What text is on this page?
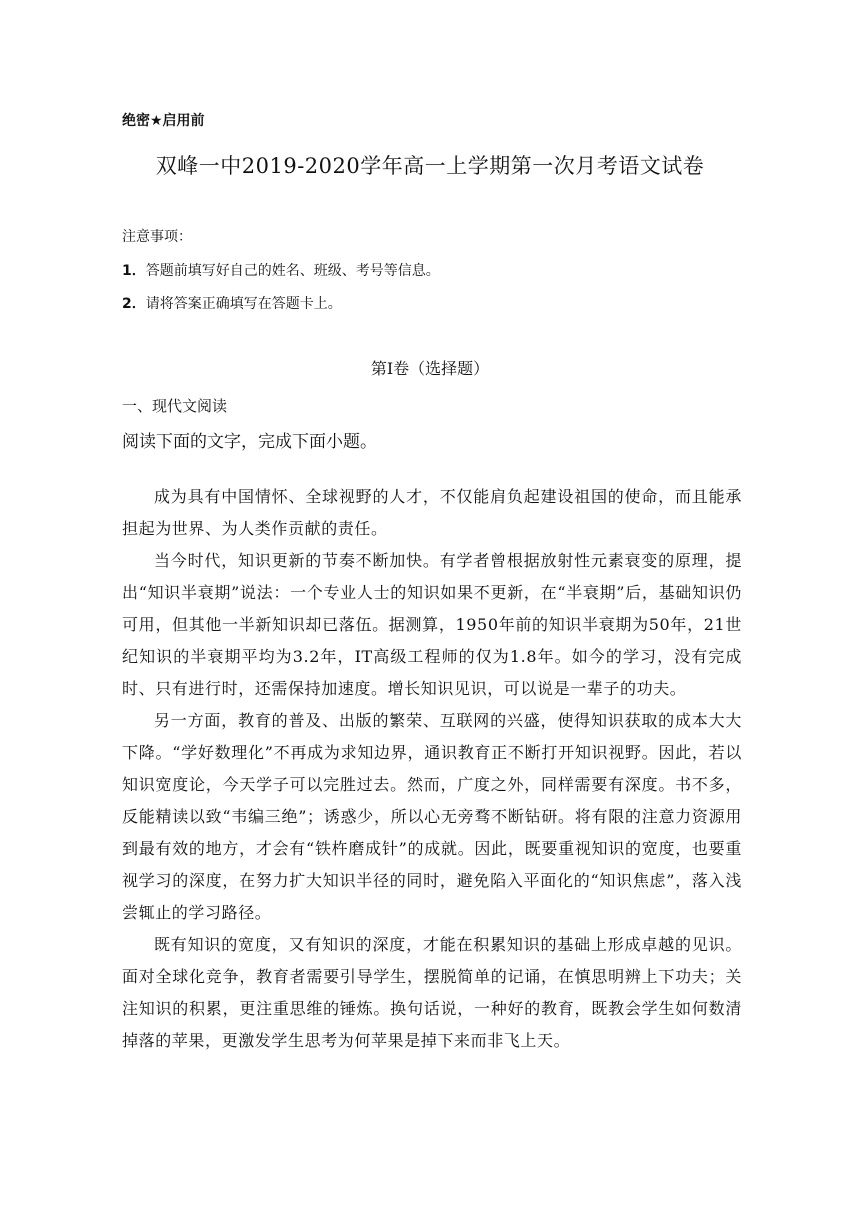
绝密★启用前
双峰一中2019-2020学年高一上学期第一次月考语文试卷
注意事项：
1．答题前填写好自己的姓名、班级、考号等信息。
2．请将答案正确填写在答题卡上。
第I卷（选择题）
一、现代文阅读
阅读下面的文字，完成下面小题。

成为具有中国情怀、全球视野的人才，不仅能肩负起建设祖国的使命，而且能承担起为世界、为人类作贡献的责任。

当今时代，知识更新的节奏不断加快。有学者曾根据放射性元素衰变的原理，提出“知识半衰期”说法：一个专业人士的知识如果不更新，在“半衰期”后，基础知识仍可用，但其他一半新知识却已落伍。据测算，1950年前的知识半衰期为50年，21世纪知识的半衰期平均为3.2年，IT高级工程师的仅为1.8年。如今的学习，没有完成时、只有进行时，还需保持加速度。增长知识见识，可以说是一辈子的功夫。

另一方面，教育的普及、出版的繁荣、互联网的兴盛，使得知识获取的成本大大下降。“学好数理化”不再成为求知边界，通识教育正不断打开知识视野。因此，若以知识宽度论，今天学子可以完胜过去。然而，广度之外，同样需要有深度。书不多，反能精读以致“韦编三绝”；诱惑少，所以心无旁骛不断钻研。将有限的注意力资源用到最有效的地方，才会有“铁杵磨成针”的成就。因此，既要重视知识的宽度，也要重视学习的深度，在努力扩大知识半径的同时，避免陷入平面化的“知识焦虑”，落入浅尝辄止的学习路径。

既有知识的宽度，又有知识的深度，才能在积累知识的基础上形成卓越的见识。面对全球化竞争，教育者需要引导学生，摆脱简单的记诵，在慎思明辨上下功夫；关注知识的积累，更注重思维的锤炼。换句话说，一种好的教育，既教会学生如何数清掉落的苹果，更激发学生思考为何苹果是掉下来而非飞上天。
